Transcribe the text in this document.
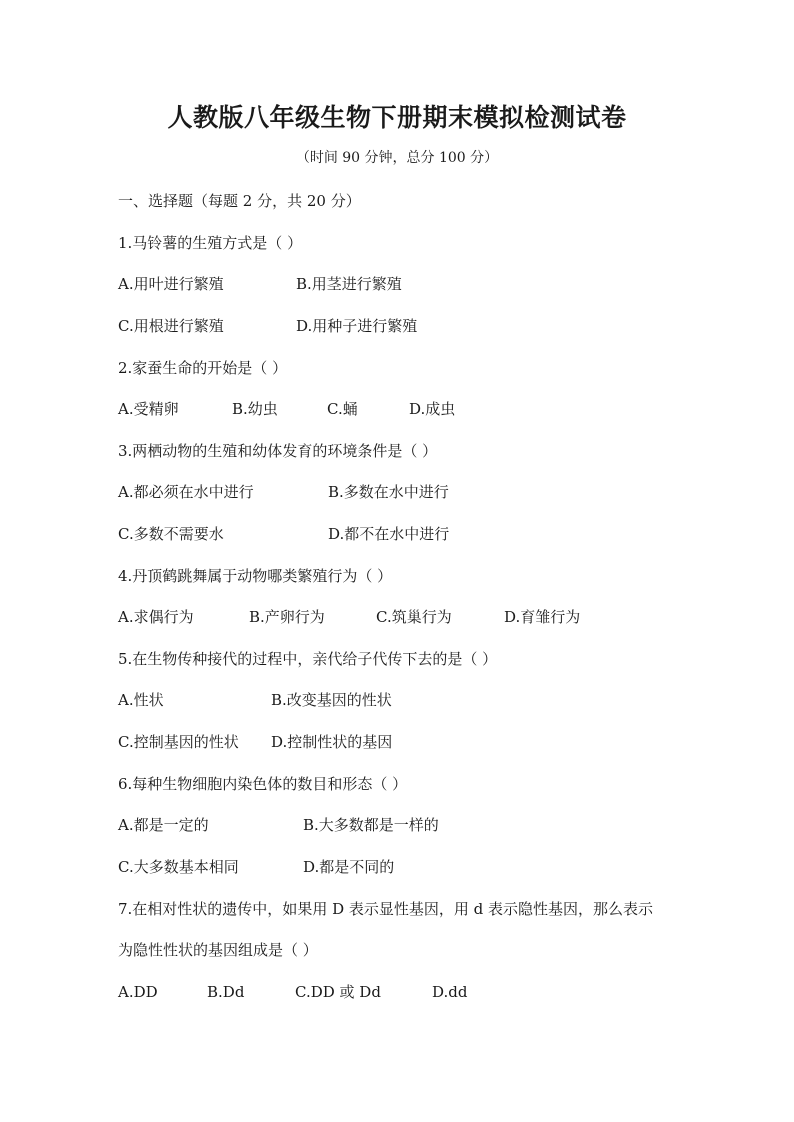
人教版八年级生物下册期末模拟检测试卷
（时间 90 分钟，总分 100 分）
一、选择题（每题 2 分，共 20 分）
1.马铃薯的生殖方式是（ ）
A.用叶进行繁殖	B.用茎进行繁殖
C.用根进行繁殖	D.用种子进行繁殖
2.家蚕生命的开始是（ ）
A.受精卵	B.幼虫	C.蛹	D.成虫
3.两栖动物的生殖和幼体发育的环境条件是（ ）
A.都必须在水中进行	B.多数在水中进行
C.多数不需要水	D.都不在水中进行
4.丹顶鹤跳舞属于动物哪类繁殖行为（ ）
A.求偶行为	B.产卵行为	C.筑巢行为	D.育雏行为
5.在生物传种接代的过程中，亲代给子代传下去的是（ ）
A.性状	B.改变基因的性状
C.控制基因的性状 D.控制性状的基因
6.每种生物细胞内染色体的数目和形态（ ）
A.都是一定的	B.大多数都是一样的
C.大多数基本相同	D.都是不同的
7.在相对性状的遗传中，如果用 D 表示显性基因，用 d 表示隐性基因，那么表示
为隐性性状的基因组成是（ ）
A.DD	B.Dd	C.DD 或 Dd	D.dd
